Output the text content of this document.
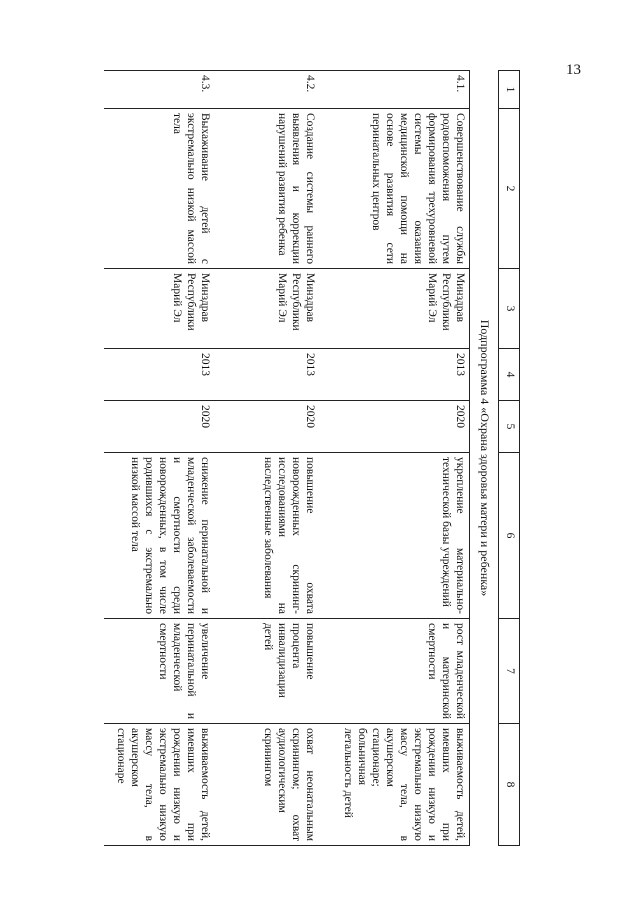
13
1	2	3	4	5	6	7	8
Подпрограмма 4 «Охрана здоровья матери и ребенка»							
4.1.	Совершенствование службы родовспоможения путем формирования трехуровневой системы оказания медицинской помощи на основе развития сети перинатальных центров	Минздрав Республики Марий Эл	2013	2020	укрепление материально-технической базы учреждений	рост младенческой и материнской смертности	выживаемость детей, имевших при рождении низкую и экстремально низкую массу тела, в акушерском стационаре; больничная летальность детей
4.2.	Создание системы раннего выявления и коррекции нарушений развития ребенка	Минздрав Республики Марий Эл	2013	2020	повышение охвата новорожденных скрининг-исследованиями на наследственные заболевания	повышение процента инвалидизации детей	охват неонатальным скринингом; охват аудиологическим скринингом
4.3.	Выхаживание детей с экстремально низкой массой тела	Минздрав Республики Марий Эл	2013	2020	снижение перинатальной и младенческой заболеваемости и смертности среди новорожденных, в том числе родившихся с экстремально низкой массой тела	увеличение перинатальной и младенческой смертности	выживаемость детей, имевших при рождении низкую и экстремально низкую массу тела, в акушерском стационаре
